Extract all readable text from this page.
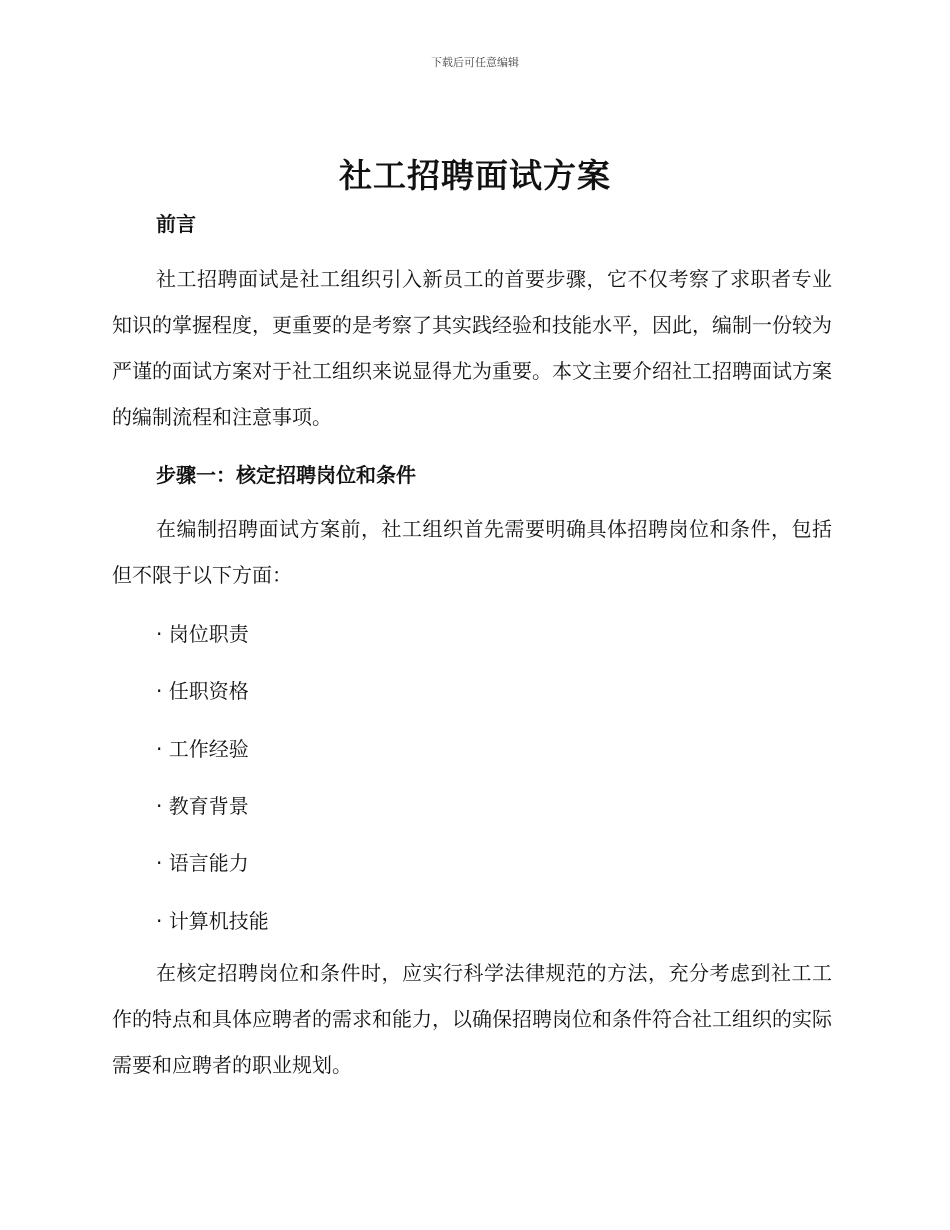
下载后可任意编辑
社工招聘面试方案
前言
社工招聘面试是社工组织引入新员工的首要步骤，它不仅考察了求职者专业知识的掌握程度，更重要的是考察了其实践经验和技能水平，因此，编制一份较为严谨的面试方案对于社工组织来说显得尤为重要。本文主要介绍社工招聘面试方案的编制流程和注意事项。
步骤一：核定招聘岗位和条件
在编制招聘面试方案前，社工组织首先需要明确具体招聘岗位和条件，包括但不限于以下方面：
· 岗位职责
· 任职资格
· 工作经验
· 教育背景
· 语言能力
· 计算机技能
在核定招聘岗位和条件时，应实行科学法律规范的方法，充分考虑到社工工作的特点和具体应聘者的需求和能力，以确保招聘岗位和条件符合社工组织的实际需要和应聘者的职业规划。
